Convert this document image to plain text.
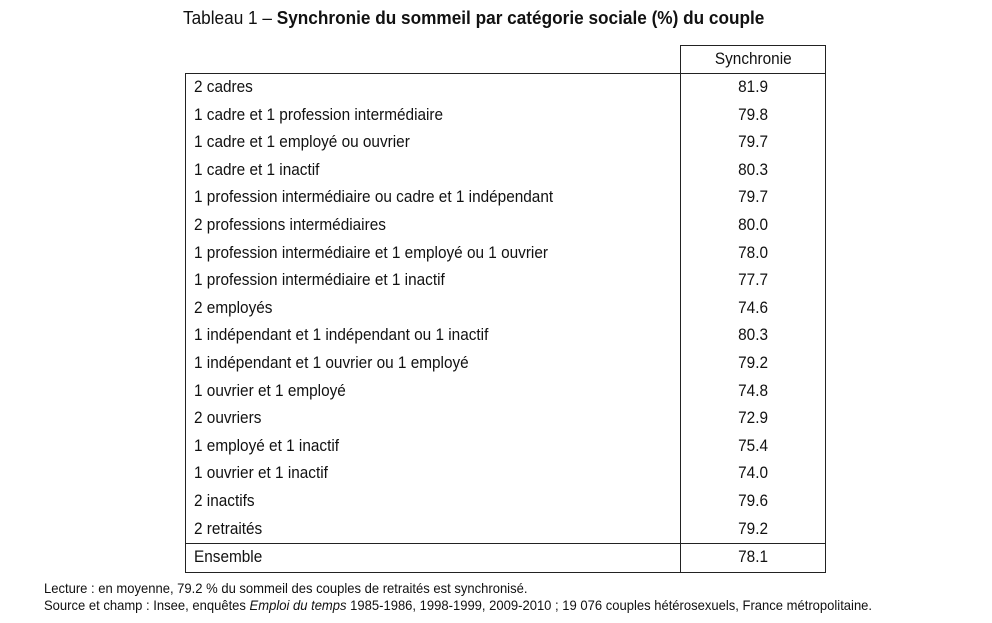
Tableau 1 – Synchronie du sommeil par catégorie sociale (%) du couple
	Synchronie
2 cadres	81.9
1 cadre et 1 profession intermédiaire	79.8
1 cadre et 1 employé ou ouvrier	79.7
1 cadre et 1 inactif	80.3
1 profession intermédiaire ou cadre et 1 indépendant	79.7
2 professions intermédiaires	80.0
1 profession intermédiaire et 1 employé ou 1 ouvrier	78.0
1 profession intermédiaire et 1 inactif	77.7
2 employés	74.6
1 indépendant et 1 indépendant ou 1 inactif	80.3
1 indépendant et 1 ouvrier ou 1 employé	79.2
1 ouvrier et 1 employé	74.8
2 ouvriers	72.9
1 employé et 1 inactif	75.4
1 ouvrier et 1 inactif	74.0
2 inactifs	79.6
2 retraités	79.2
Ensemble	78.1
Lecture : en moyenne, 79.2 % du sommeil des couples de retraités est synchronisé.
Source et champ : Insee, enquêtes Emploi du temps 1985-1986, 1998-1999, 2009-2010 ; 19 076 couples hétérosexuels, France métropolitaine.
